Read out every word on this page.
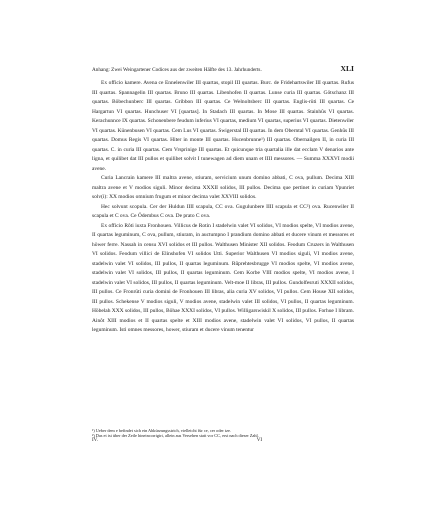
Anhang: Zwei Weingartener Codices aus der zweiten Hälfte des 13. Jahrhunderts.	XLI

Ex officio kamere. Avena ce Ennelenwiler III quartas, stopil III quartas. Burc. de Fridehartswiler III quartas. Rufus III quartas. Spannagelin III quartas. Bruno III quartas. Libenhofen II quartas. Lunse curia III quartas. Götschanz III quartas. Böbechunberc III quartas. Gribbon III quartas. Ce Welnoltsberc III quartas. Englis-rüti III quartas. Ce Hargartun VI quartas. Hunchuser VI [quartas]. In Stadach III quartas. In Mose III quartas. Stainhûs VI quartas. Kerachunnce IX quartas. Schonenbere feudum inferius VI quartas, medium VI quartas, superius VI quartas. Dietenwiler VI quartas. Künenbusen VI quartas. Cem Lus VI quartas. Swigerstal III quartas. In dem Oberntal VI quartas. Genhûs III quartas. Domus Regis VI quartas. Hiter in monte III quartas. Hucenbrunne¹) III quartas. Obernailgen II, in curia III quartas. C. in curia III quartas. Cem Vrsprinige III quartas. Et quicunque tria quartalia ille dat ecclam V denarios ante ligna, et quilibet dat III pullos et quilibet solvit I tunewagen ad diem unam et IIII messores. — Summa XXXVI modii avene.

Curia Lancrain kamere III maltra avene, stiuram, servicium unum domino abbati, C ova, pullum. Decima XIII maltra avene et V modios siguli. Minor decima XXXII solidos, III pullos. Decima que pertinet in curiam Ypunriet solv(i): XX modios omnium frugum et minor decima valet XXVIII solidos.

Hec solvunt scopula. Cer der Huldun IIII scapula, CC ova. Gugulunbere IIII scapula et CC²) ova. Rucenwiler II scapula et C ova. Ce Ödembus C ova. De prato C ova.

Ex officio Rôti iuxta Fronhouen. Villicus de Rotin I stadelwin valet VI solidos, VI modios spelte, VI modios avene, II quartas leguminum, C ova, pullum, stiuram, in auctumpno I prandium domino abbati et ducere vinum et messores et höwer ferre. Nassah in censu XVI solidos et III pullos. Walthusen Minister XII solidos. Feodum Cruzers in Walthusen VI solidos. Feodum villici de Elinshofen VI solidos Utti. Superior Walthusen VI modios siguli, VI modios avene, stadelwin valet VI solidos, III pullos, II quartas leguminum. Rûprehtesbrugge VI modios spelte, VI modios avene, stadelwin valet VI solidos, III pullos, II quartas leguminum. Cem Korbe VIII modios spelte, VI modios avene, I stadelwin valet VI solidos, III pullos, II quartas leguminum. Velt-moe II libras, III pullos. Gundolfesruti XXXII solidos, III pullos. Ce Fronrüti curia domini de Fronhouen III libras, alia curia XV solidos, VI pullos. Cem House XII solidos, III pullos. Schekense V modios siguli, V modios avene, stadelwin valet III solidos, VI pullos, II quartas leguminum. Höbelah XXX solidos, III pullos, Böhae XXXI solidos, VI pullos. Willigarswiskil X solidos, III pullos. Forhue I libram. Ainôt XIII modios et II quartas spelte et XIII modios avene, stadelwin valet VI solidos, VI pullos, II quartas leguminum. Isti omnes messores, hower, stiuram et ducere vinum tenentur

¹) Ueber dem e befindet sich ein Abkürzungsstrich, vielleicht für ce, cer oder tze.

²) Das et ist über der Zeile hineincorrigirt, allein aus Versehen statt vor CC, erst nach dieser Zahl.

IV.	VI
